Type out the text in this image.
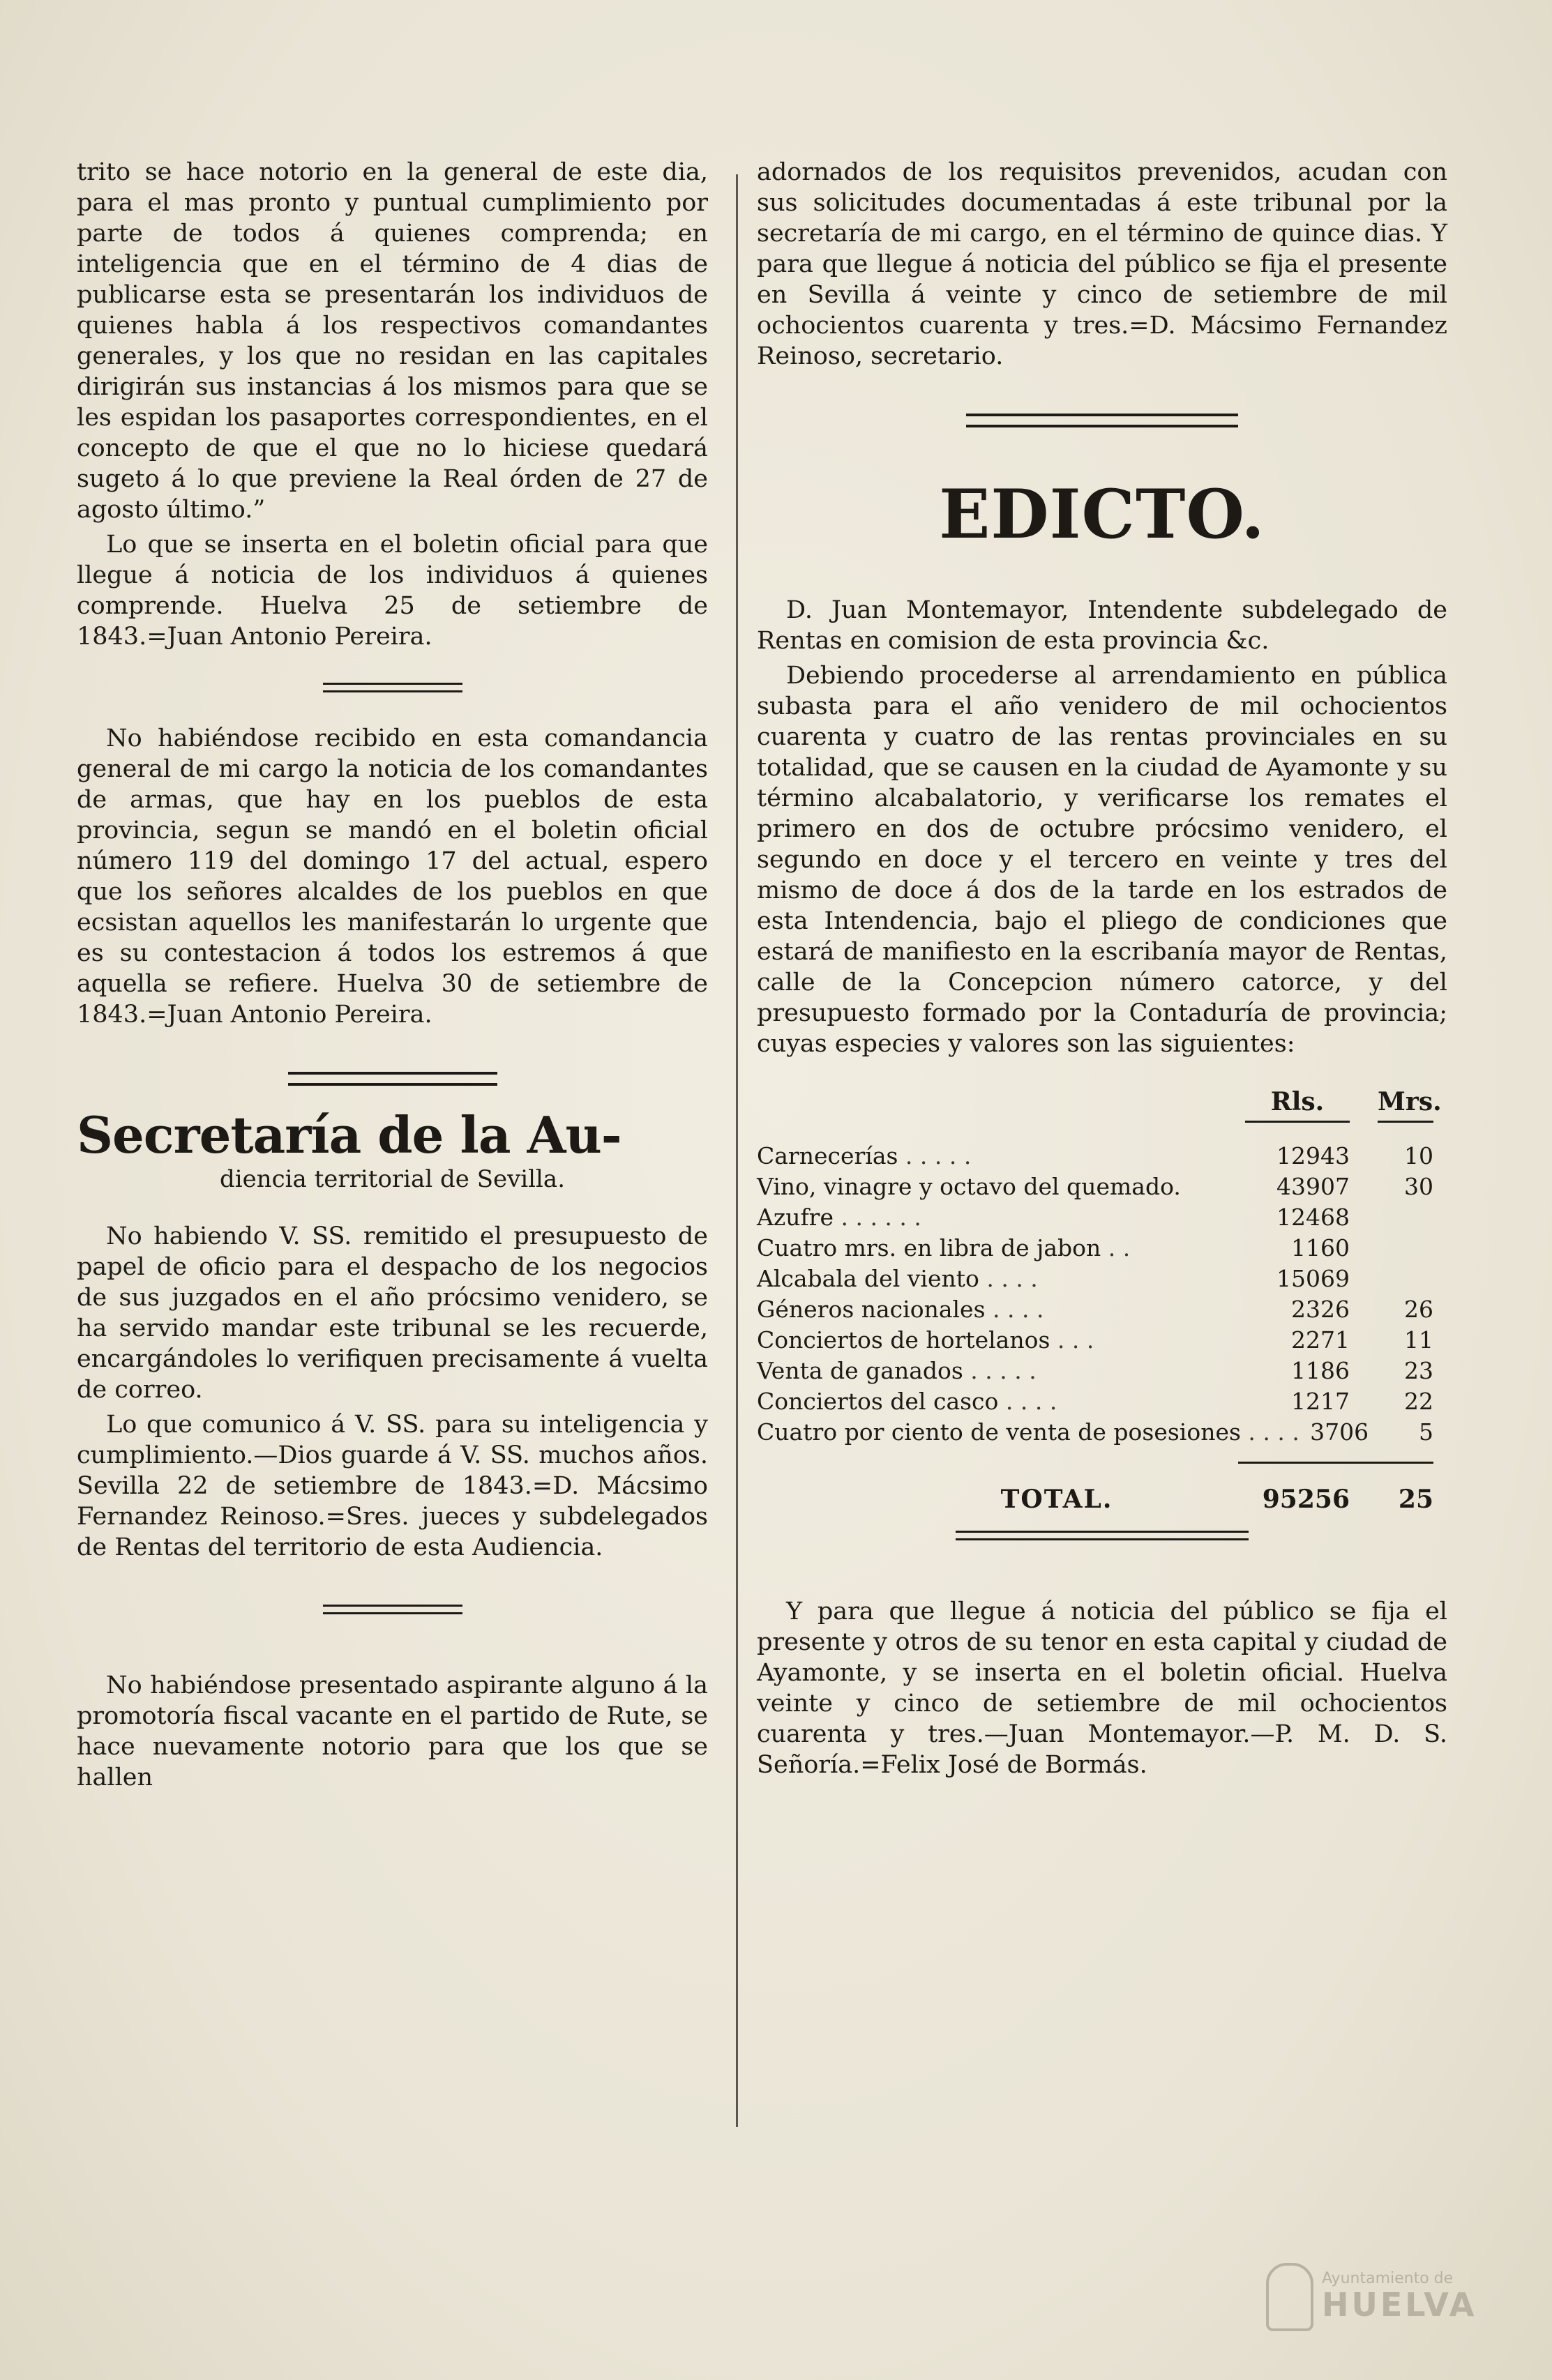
trito se hace notorio en la general de este dia, para el mas pronto y puntual cumplimiento por parte de todos á quienes comprenda; en inteligencia que en el término de 4 dias de publicarse esta se presentarán los individuos de quienes habla á los respectivos comandantes generales, y los que no residan en las capitales dirigirán sus instancias á los mismos para que se les espidan los pasaportes correspondientes, en el concepto de que el que no lo hiciese quedará sugeto á lo que previene la Real órden de 27 de agosto último.”

Lo que se inserta en el boletin oficial para que llegue á noticia de los individuos á quienes comprende. Huelva 25 de setiembre de 1843.=Juan Antonio Pereira.

No habiéndose recibido en esta comandancia general de mi cargo la noticia de los comandantes de armas, que hay en los pueblos de esta provincia, segun se mandó en el boletin oficial número 119 del domingo 17 del actual, espero que los señores alcaldes de los pueblos en que ecsistan aquellos les manifestarán lo urgente que es su contestacion á todos los estremos á que aquella se refiere. Huelva 30 de setiembre de 1843.=Juan Antonio Pereira.

Secretaría de la Au-
diencia territorial de Sevilla.

No habiendo V. SS. remitido el presupuesto de papel de oficio para el despacho de los negocios de sus juzgados en el año prócsimo venidero, se ha servido mandar este tribunal se les recuerde, encargándoles lo verifiquen precisamente á vuelta de correo.

Lo que comunico á V. SS. para su inteligencia y cumplimiento.—Dios guarde á V. SS. muchos años. Sevilla 22 de setiembre de 1843.=D. Mácsimo Fernandez Reinoso.=Sres. jueces y subdelegados de Rentas del territorio de esta Audiencia.

No habiéndose presentado aspirante alguno á la promotoría fiscal vacante en el partido de Rute, se hace nuevamente notorio para que los que se hallen

adornados de los requisitos prevenidos, acudan con sus solicitudes documentadas á este tribunal por la secretaría de mi cargo, en el término de quince dias. Y para que llegue á noticia del público se fija el presente en Sevilla á veinte y cinco de setiembre de mil ochocientos cuarenta y tres.=D. Mácsimo Fernandez Reinoso, secretario.

EDICTO.

D. Juan Montemayor, Intendente subdelegado de Rentas en comision de esta provincia &c.

Debiendo procederse al arrendamiento en pública subasta para el año venidero de mil ochocientos cuarenta y cuatro de las rentas provinciales en su totalidad, que se causen en la ciudad de Ayamonte y su término alcabalatorio, y verificarse los remates el primero en dos de octubre prócsimo venidero, el segundo en doce y el tercero en veinte y tres del mismo de doce á dos de la tarde en los estrados de esta Intendencia, bajo el pliego de condiciones que estará de manifiesto en la escribanía mayor de Rentas, calle de la Concepcion número catorce, y del presupuesto formado por la Contaduría de provincia; cuyas especies y valores son las siguientes:

Rls.	Mrs.
Carnecerías . . . . .	12943	10
Vino, vinagre y octavo del quemado.	43907	30
Azufre . . . . . .	12468
Cuatro mrs. en libra de jabon . .	1160
Alcabala del viento . . . .	15069
Géneros nacionales . . . .	2326	26
Conciertos de hortelanos . . .	2271	11
Venta de ganados . . . . .	1186	23
Conciertos del casco . . . .	1217	22
Cuatro por ciento de venta de posesiones . . . . 3706	5
TOTAL.	95256	25

Y para que llegue á noticia del público se fija el presente y otros de su tenor en esta capital y ciudad de Ayamonte, y se inserta en el boletin oficial. Huelva veinte y cinco de setiembre de mil ochocientos cuarenta y tres.—Juan Montemayor.—P. M. D. S. Señoría.=Felix José de Bormás.

Ayuntamiento de
HUELVA
